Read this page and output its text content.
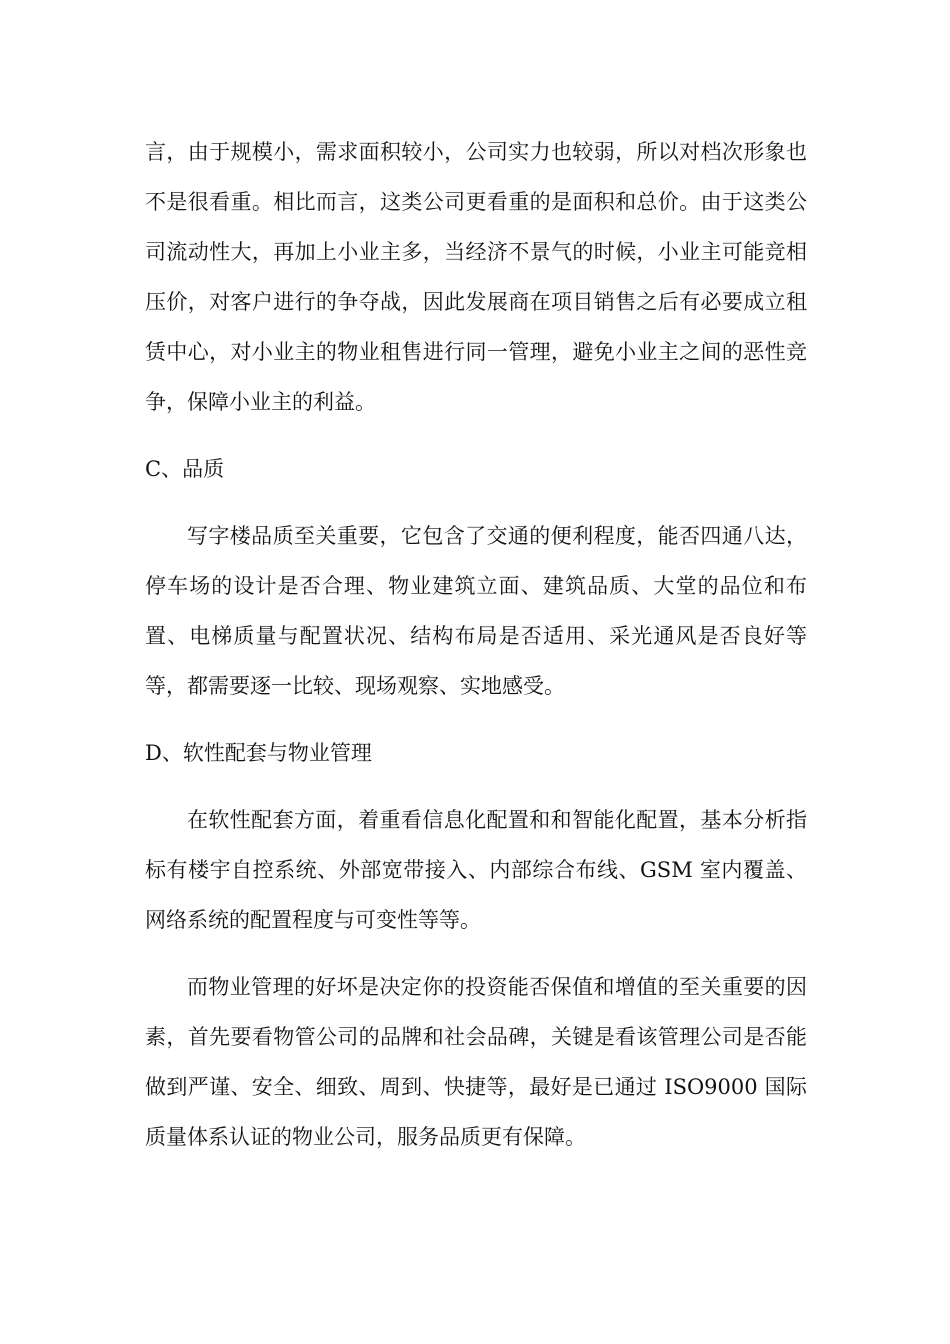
言，由于规模小，需求面积较小，公司实力也较弱，所以对档次形象也不是很看重。相比而言，这类公司更看重的是面积和总价。由于这类公司流动性大，再加上小业主多，当经济不景气的时候，小业主可能竞相压价，对客户进行的争夺战，因此发展商在项目销售之后有必要成立租赁中心，对小业主的物业租售进行同一管理，避免小业主之间的恶性竞争，保障小业主的利益。

C、品质

写字楼品质至关重要，它包含了交通的便利程度，能否四通八达，停车场的设计是否合理、物业建筑立面、建筑品质、大堂的品位和布置、电梯质量与配置状况、结构布局是否适用、采光通风是否良好等等，都需要逐一比较、现场观察、实地感受。

D、软性配套与物业管理

在软性配套方面，着重看信息化配置和和智能化配置，基本分析指标有楼宇自控系统、外部宽带接入、内部综合布线、GSM 室内覆盖、网络系统的配置程度与可变性等等。

而物业管理的好坏是决定你的投资能否保值和增值的至关重要的因素，首先要看物管公司的品牌和社会品碑，关键是看该管理公司是否能做到严谨、安全、细致、周到、快捷等，最好是已通过 ISO9000 国际质量体系认证的物业公司，服务品质更有保障。
